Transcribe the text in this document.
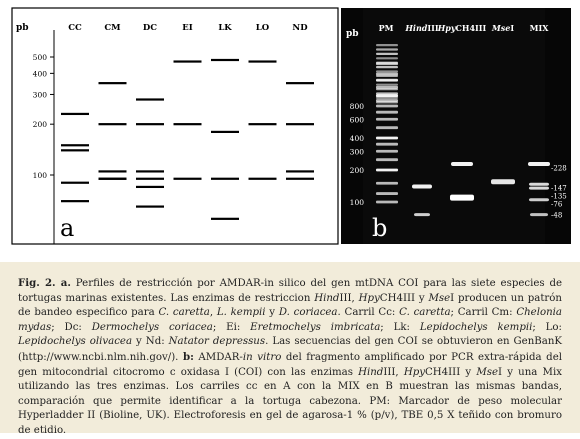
pb
500
400
300
200
100
CC	CM	DC	EI	LK	LO	ND
a
pb
PM HindIII HpyCH4III MseI MIX
800
600
400
300
200
100
-228
-147
-135
-76
-48
b
Fig. 2. a. Perfiles de restricción por AMDAR-in silico del gen mtDNA COI para las siete especies de tortugas marinas existentes. Las enzimas de restriccion HindIII, HpyCH4III y MseI producen un patrón de bandeo especifico para C. caretta, L. kempii y D. coriacea. Carril Cc: C. caretta; Carril Cm: Chelonia mydas; Dc: Dermochelys coriacea; Ei: Eretmochelys imbricata; Lk: Lepidochelys kempii; Lo: Lepidochelys olivacea y Nd: Natator depressus. Las secuencias del gen COI se obtuvieron en GenBanK (http://www.ncbi.nlm.nih.gov/). b: AMDAR-in vitro del fragmento amplificado por PCR extra-rápida del gen mitocondrial citocromo c oxidasa I (COI) con las enzimas HindIII, HpyCH4III y MseI y una Mix utilizando las tres enzimas. Los carriles cc en A con la MIX en B muestran las mismas bandas, comparación que permite identificar a la tortuga cabezona. PM: Marcador de peso molecular Hyperladder II (Bioline, UK). Electroforesis en gel de agarosa-1 % (p/v), TBE 0,5 X teñido con bromuro de etidio.
